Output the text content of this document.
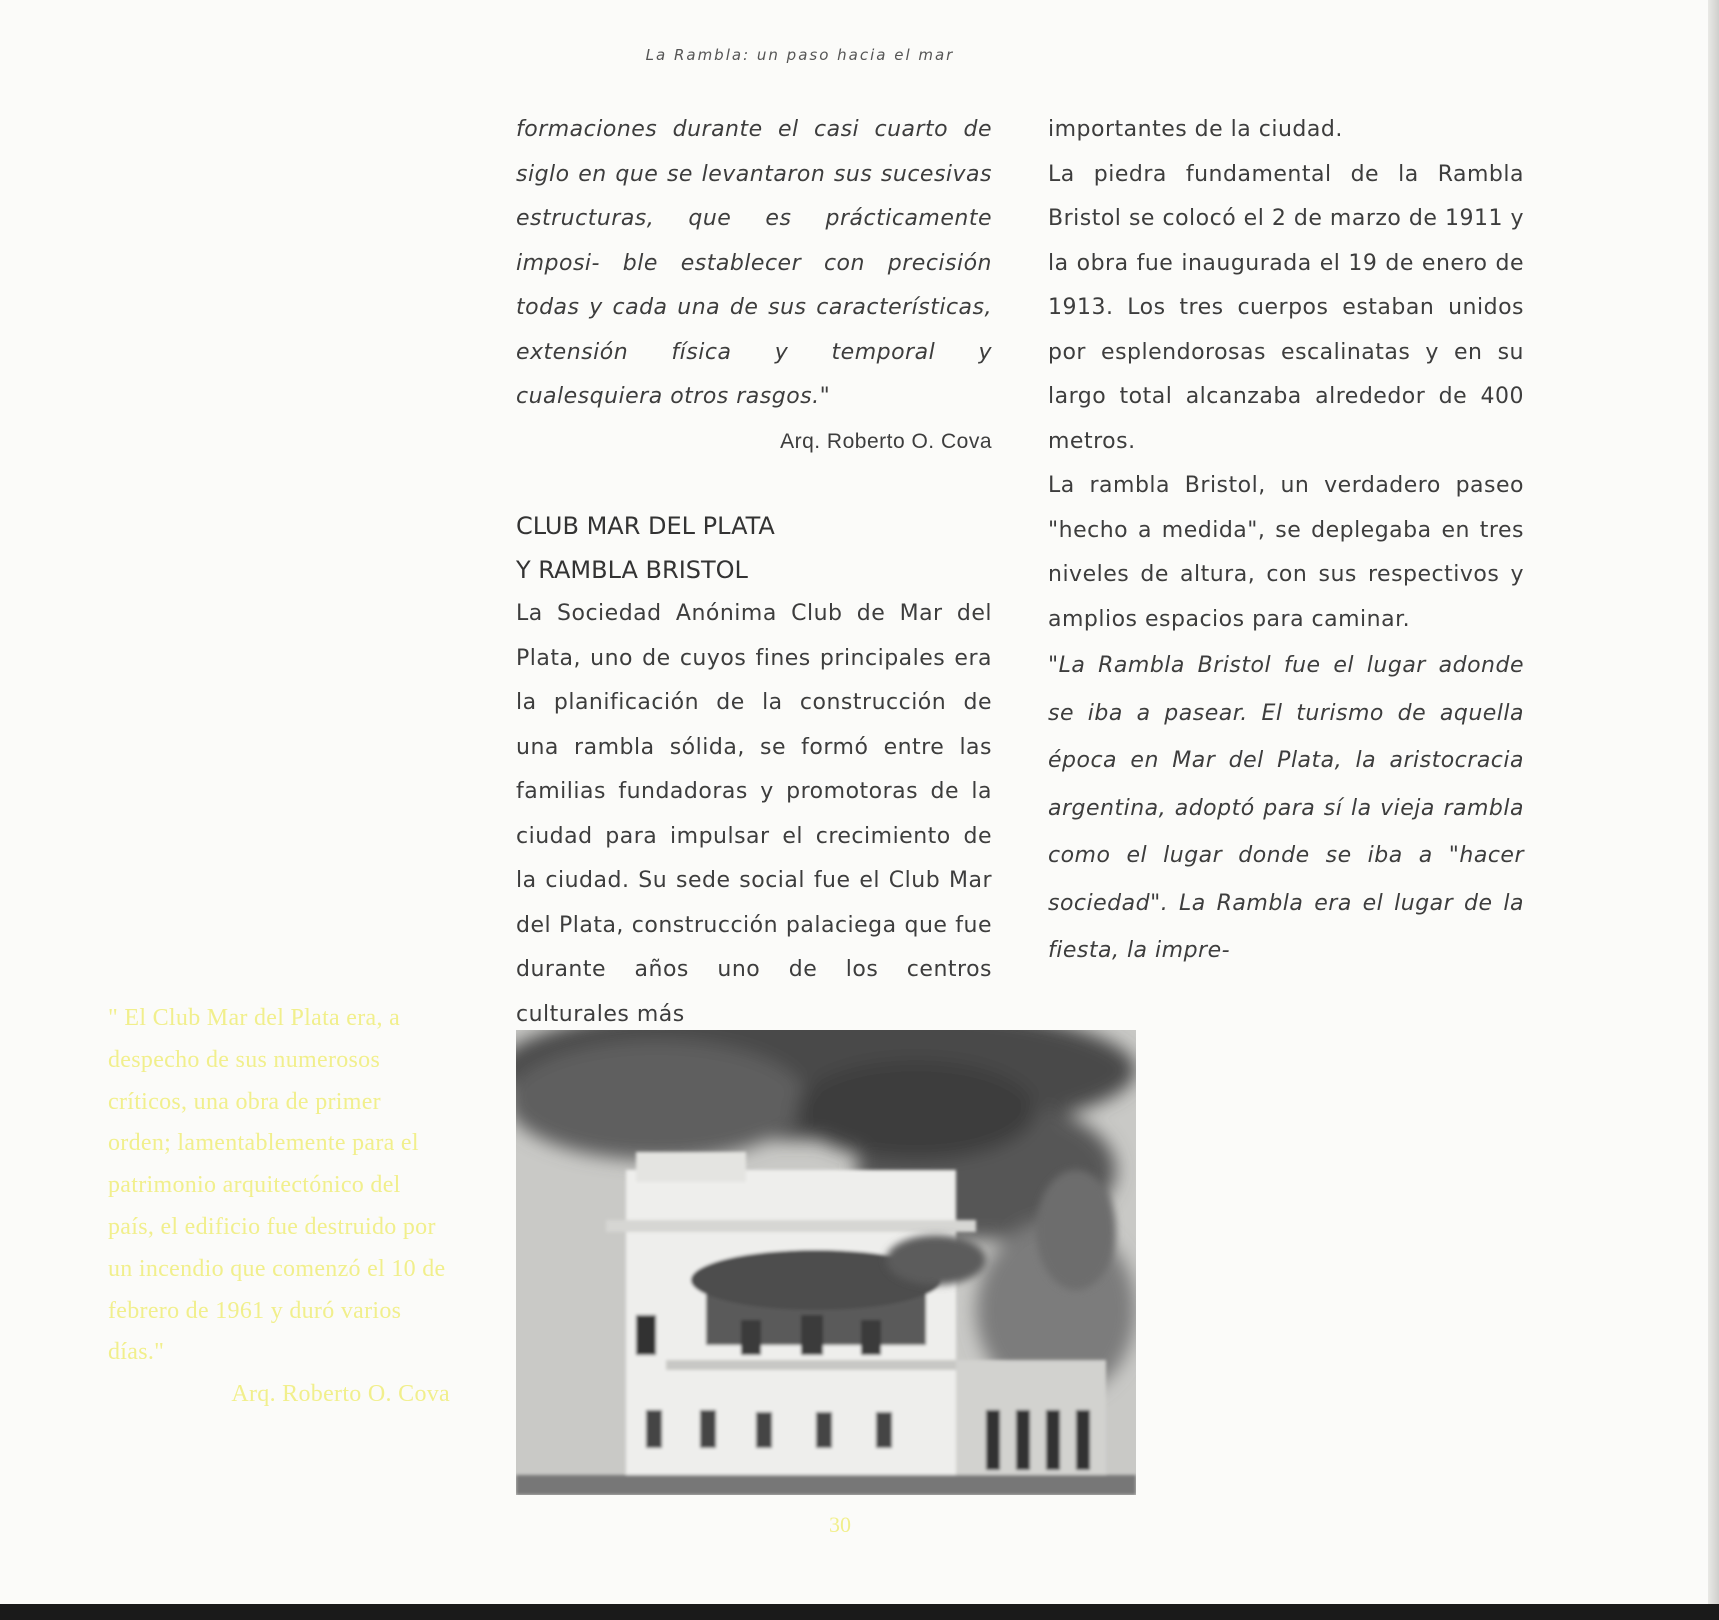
La Rambla: un paso hacia el mar

formaciones durante el casi cuarto de siglo en que se levantaron sus sucesivas estructuras, que es prácticamente imposi- ble establecer con precisión todas y cada una de sus características, extensión física y temporal y cualesquiera otros rasgos."

Arq. Roberto O. Cova

CLUB MAR DEL PLATA
Y RAMBLA BRISTOL

La Sociedad Anónima Club de Mar del Plata, uno de cuyos fines principales era la planificación de la construcción de una rambla sólida, se formó entre las familias fundadoras y promotoras de la ciudad para impulsar el crecimiento de la ciudad. Su sede social fue el Club Mar del Plata, construcción palaciega que fue durante años uno de los centros culturales más

importantes de la ciudad.

La piedra fundamental de la Rambla Bristol se colocó el 2 de marzo de 1911 y la obra fue inaugurada el 19 de enero de 1913. Los tres cuerpos estaban unidos por esplendorosas escalinatas y en su largo total alcanzaba alrededor de 400 metros.

La rambla Bristol, un verdadero paseo "hecho a medida", se deplegaba en tres niveles de altura, con sus respectivos y amplios espacios para caminar.

"La Rambla Bristol fue el lugar adonde se iba a pasear. El turismo de aquella época en Mar del Plata, la aristocracia argentina, adoptó para sí la vieja rambla como el lugar donde se iba a "hacer sociedad". La Rambla era el lugar de la fiesta, la impre-

" El Club Mar del Plata era, a despecho de sus numerosos críticos, una obra de primer orden; lamentablemente para el patrimonio arquitectónico del país, el edificio fue destruido por un incendio que comenzó el 10 de febrero de 1961 y duró varios días."

Arq. Roberto O. Cova

30
